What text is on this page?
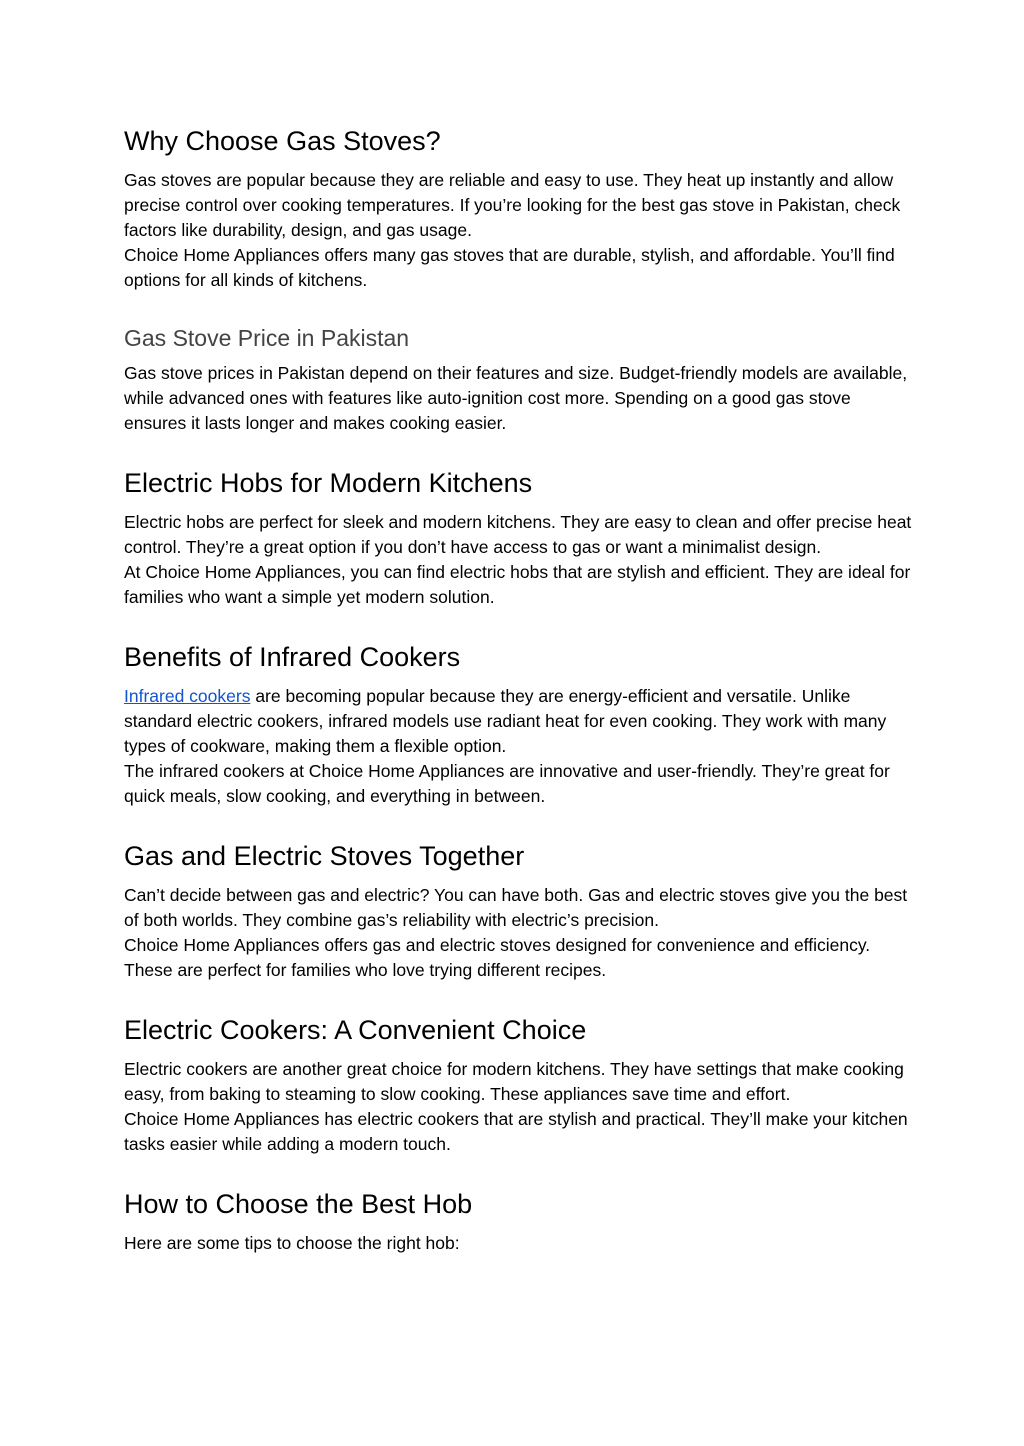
Why Choose Gas Stoves?

Gas stoves are popular because they are reliable and easy to use. They heat up instantly and allow precise control over cooking temperatures. If you’re looking for the best gas stove in Pakistan, check factors like durability, design, and gas usage.

Choice Home Appliances offers many gas stoves that are durable, stylish, and affordable. You’ll find options for all kinds of kitchens.

Gas Stove Price in Pakistan

Gas stove prices in Pakistan depend on their features and size. Budget-friendly models are available, while advanced ones with features like auto-ignition cost more. Spending on a good gas stove ensures it lasts longer and makes cooking easier.

Electric Hobs for Modern Kitchens

Electric hobs are perfect for sleek and modern kitchens. They are easy to clean and offer precise heat control. They’re a great option if you don’t have access to gas or want a minimalist design.

At Choice Home Appliances, you can find electric hobs that are stylish and efficient. They are ideal for families who want a simple yet modern solution.

Benefits of Infrared Cookers

Infrared cookers are becoming popular because they are energy-efficient and versatile. Unlike standard electric cookers, infrared models use radiant heat for even cooking. They work with many types of cookware, making them a flexible option.

The infrared cookers at Choice Home Appliances are innovative and user-friendly. They’re great for quick meals, slow cooking, and everything in between.

Gas and Electric Stoves Together

Can’t decide between gas and electric? You can have both. Gas and electric stoves give you the best of both worlds. They combine gas’s reliability with electric’s precision.

Choice Home Appliances offers gas and electric stoves designed for convenience and efficiency. These are perfect for families who love trying different recipes.

Electric Cookers: A Convenient Choice

Electric cookers are another great choice for modern kitchens. They have settings that make cooking easy, from baking to steaming to slow cooking. These appliances save time and effort.

Choice Home Appliances has electric cookers that are stylish and practical. They’ll make your kitchen tasks easier while adding a modern touch.

How to Choose the Best Hob

Here are some tips to choose the right hob:
